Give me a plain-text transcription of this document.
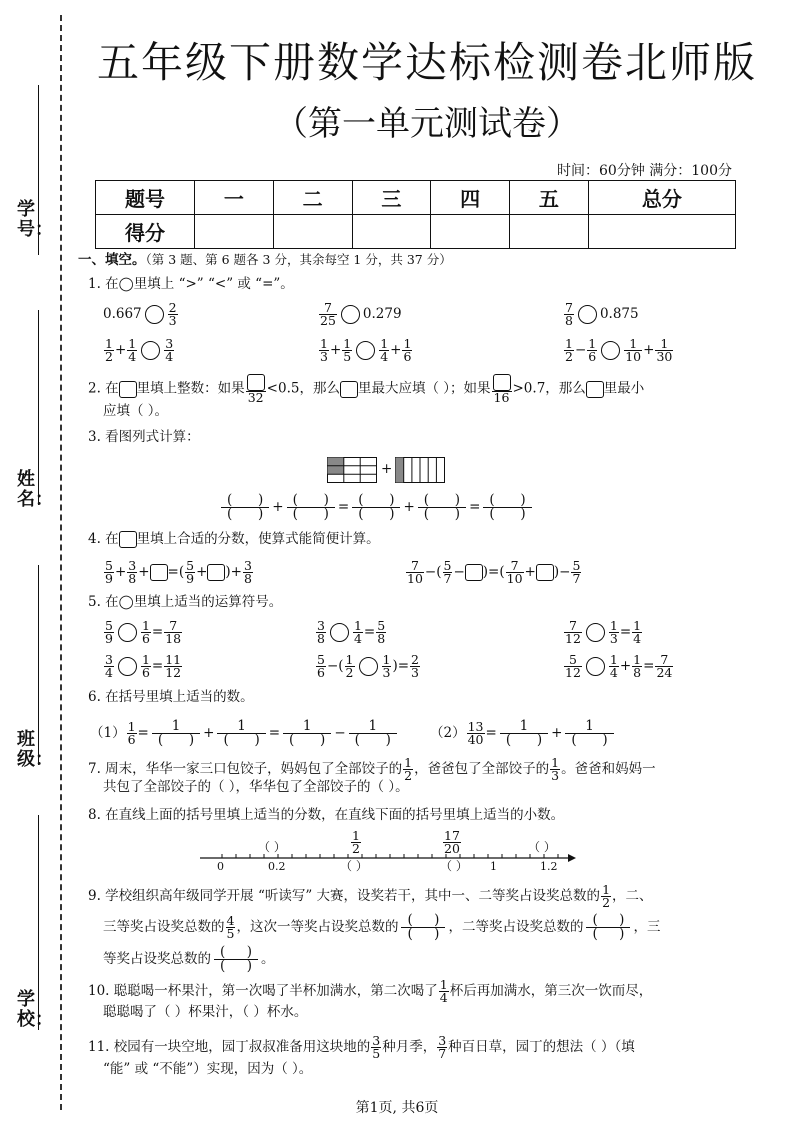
学号：
姓名：
班级：
学校：
五年级下册数学达标检测卷北师版
（第一单元测试卷）
时间：60分钟 满分：100分
题号	一	二	三	四	五	总分
得分						
一、填空。（第 3 题、第 6 题各 3 分，其余每空 1 分，共 37 分）
1. 在◯里填上 “>” “<” 或 “=”。
$0.667 \frac{2}{3}$	$\frac{7}{25} 0.279$	$\frac{7}{8} 0.875$
$\frac{1}{2} + \frac{1}{4} \frac{3}{4}$	$\frac{1}{3} + \frac{1}{5} \frac{1}{4} + \frac{1}{6}$	$\frac{1}{2} - \frac{1}{6} \frac{1}{10} + \frac{1}{30}$
2. 在 里填上整数：如果
32
<0.5，那么 里最大应填（ ）；如果
16
>0.7，那么 里最小
应填（ ）。
3. 看图列式计算：
+
$\frac{( )}{( )} + \frac{( )}{( )} = \frac{( )}{( )} + \frac{( )}{( )} = \frac{( )}{( )}$
4. 在 里填上合适的分数，使算式能简便计算。
$\frac{5}{9} + \frac{3}{8}$ + =( $\frac{5}{9}$ + )+ $\frac{3}{8}$	$\frac{7}{10}$ −( $\frac{5}{7}$ − )=( $\frac{7}{10}$ + )− $\frac{5}{7}$
5. 在◯里填上适当的运算符号。
$\frac{5}{9} \frac{1}{6} = \frac{7}{18}$	$\frac{3}{8} \frac{1}{4} = \frac{5}{8}$	$\frac{7}{12} \frac{1}{3} = \frac{1}{4}$
$\frac{3}{4} \frac{1}{6} = \frac{11}{12}$	$\frac{5}{6}$ −( $\frac{1}{2} \frac{1}{3}$ )= $\frac{2}{3}$	$\frac{5}{12} \frac{1}{4} + \frac{1}{8} = \frac{7}{24}$
6. 在括号里填上适当的数。
$(1) \frac{1}{6} = \frac{1}{( )} + \frac{1}{( )} = \frac{1}{( )} - \frac{1}{( )} (2) \frac{13}{40} = \frac{1}{( )} + \frac{1}{( )}$
7. 周末，华华一家三口包饺子，妈妈包了全部饺子的 $\frac{1}{2}$ ，爸爸包了全部饺子的 $\frac{1}{3}$ 。爸爸和妈妈一
共包了全部饺子的（ ），华华包了全部饺子的（ ）。
8. 在直线上面的括号里填上适当的分数，在直线下面的括号里填上适当的小数。
0	0.2	1	1.2
（ ）	$\frac{1}{2}$	$\frac{17}{20}$	（ ）
（ ）	（ ）
9. 学校组织高年级同学开展 “听读写” 大赛，设奖若干，其中一、二等奖占设奖总数的 $\frac{1}{2}$ ，二、
三等奖占设奖总数的 $\frac{4}{5}$ ，这次一等奖占设奖总数的 $\frac{( )}{( )}$ ，二等奖占设奖总数的 $\frac{( )}{( )}$ ，三
等奖占设奖总数的 $\frac{( )}{( )}$ 。
10. 聪聪喝一杯果汁，第一次喝了半杯加满水，第二次喝了 $\frac{1}{4}$ 杯后再加满水，第三次一饮而尽，
聪聪喝了（ ）杯果汁，（ ）杯水。
11. 校园有一块空地，园丁叔叔准备用这块地的 $\frac{3}{5}$ 种月季， $\frac{3}{7}$ 种百日草，园丁的想法（ ）（填
“能” 或 “不能”）实现，因为（ ）。
第1页, 共6页
